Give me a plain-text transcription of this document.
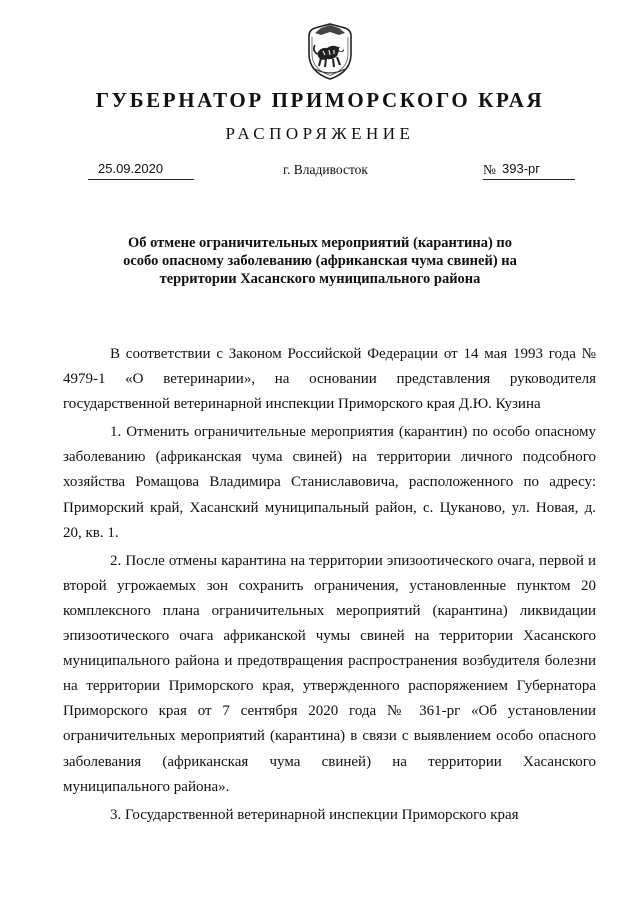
ГУБЕРНАТОР ПРИМОРСКОГО КРАЯ
РАСПОРЯЖЕНИЕ
25.09.2020	г. Владивосток	№ 393-рг
Об отмене ограничительных мероприятий (карантина) по особо опасному заболеванию (африканская чума свиней) на территории Хасанского муниципального района

В соответствии с Законом Российской Федерации от 14 мая 1993 года № 4979-1 «О ветеринарии», на основании представления руководителя государственной ветеринарной инспекции Приморского края Д.Ю. Кузина

1. Отменить ограничительные мероприятия (карантин) по особо опасному заболеванию (африканская чума свиней) на территории личного подсобного хозяйства Ромащова Владимира Станиславовича, расположенного по адресу: Приморский край, Хасанский муниципальный район, с. Цуканово, ул. Новая, д. 20, кв. 1.

2. После отмены карантина на территории эпизоотического очага, первой и второй угрожаемых зон сохранить ограничения, установленные пунктом 20 комплексного плана ограничительных мероприятий (карантина) ликвидации эпизоотического очага африканской чумы свиней на территории Хасанского муниципального района и предотвращения распространения возбудителя болезни на территории Приморского края, утвержденного распоряжением Губернатора Приморского края от 7 сентября 2020 года № 361-рг «Об установлении ограничительных мероприятий (карантина) в связи с выявлением особо опасного заболевания (африканская чума свиней) на территории Хасанского муниципального района».

3. Государственной ветеринарной инспекции Приморского края
